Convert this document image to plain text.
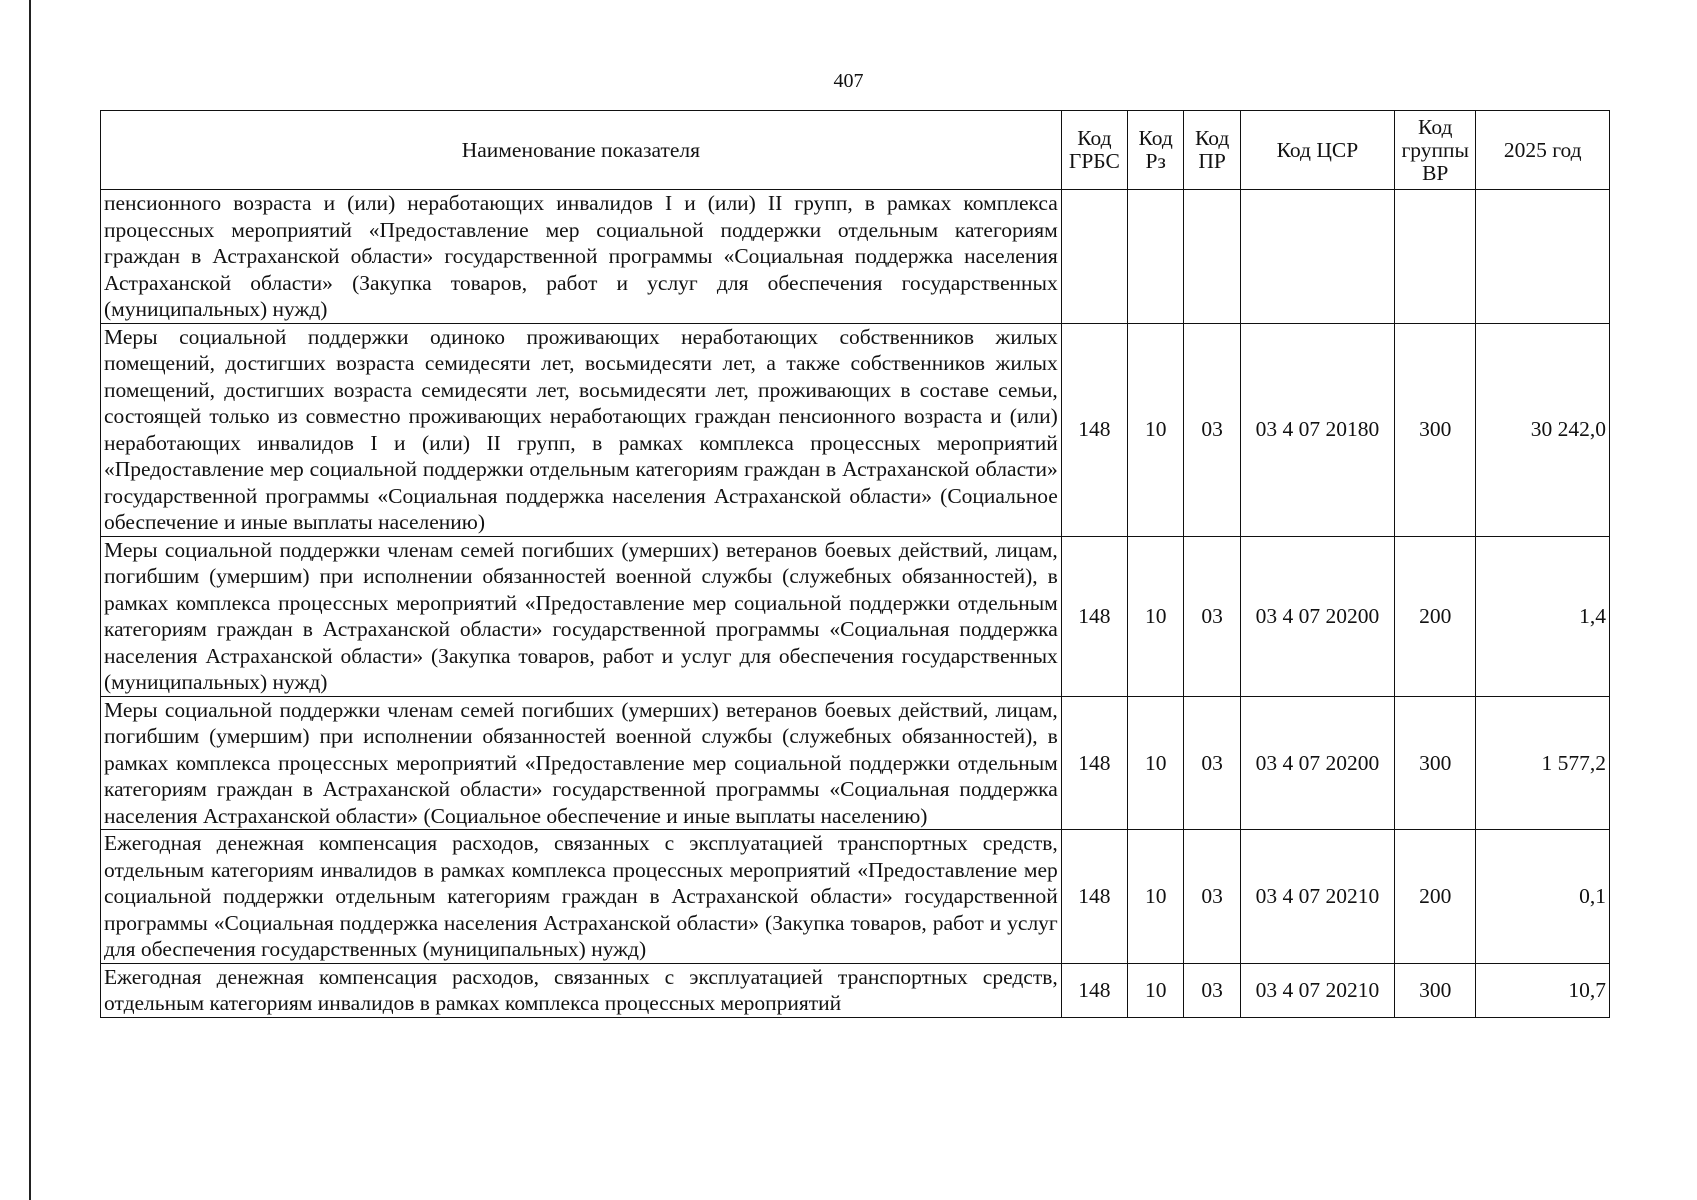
407
Наименование показателя	Код ГРБС	Код Рз	Код ПР	Код ЦСР	Код группы ВР	2025 год
пенсионного возраста и (или) неработающих инвалидов I и (или) II групп, в рамках комплекса процессных мероприятий «Предоставление мер социальной поддержки отдельным категориям граждан в Астраханской области» государственной программы «Социальная поддержка населения Астраханской области» (Закупка товаров, работ и услуг для обеспечения государственных (муниципальных) нужд)						
Меры социальной поддержки одиноко проживающих неработающих собственников жилых помещений, достигших возраста семидесяти лет, восьмидесяти лет, а также собственников жилых помещений, достигших возраста семидесяти лет, восьмидесяти лет, проживающих в составе семьи, состоящей только из совместно проживающих неработающих граждан пенсионного возраста и (или) неработающих инвалидов I и (или) II групп, в рамках комплекса процессных мероприятий «Предоставление мер социальной поддержки отдельным категориям граждан в Астраханской области» государственной программы «Социальная поддержка населения Астраханской области» (Социальное обеспечение и иные выплаты населению)	148	10	03	03 4 07 20180	300	30 242,0
Меры социальной поддержки членам семей погибших (умерших) ветеранов боевых действий, лицам, погибшим (умершим) при исполнении обязанностей военной службы (служебных обязанностей), в рамках комплекса процессных мероприятий «Предоставление мер социальной поддержки отдельным категориям граждан в Астраханской области» государственной программы «Социальная поддержка населения Астраханской области» (Закупка товаров, работ и услуг для обеспечения государственных (муниципальных) нужд)	148	10	03	03 4 07 20200	200	1,4
Меры социальной поддержки членам семей погибших (умерших) ветеранов боевых действий, лицам, погибшим (умершим) при исполнении обязанностей военной службы (служебных обязанностей), в рамках комплекса процессных мероприятий «Предоставление мер социальной поддержки отдельным категориям граждан в Астраханской области» государственной программы «Социальная поддержка населения Астраханской области» (Социальное обеспечение и иные выплаты населению)	148	10	03	03 4 07 20200	300	1 577,2
Ежегодная денежная компенсация расходов, связанных с эксплуатацией транспортных средств, отдельным категориям инвалидов в рамках комплекса процессных мероприятий «Предоставление мер социальной поддержки отдельным категориям граждан в Астраханской области» государственной программы «Социальная поддержка населения Астраханской области» (Закупка товаров, работ и услуг для обеспечения государственных (муниципальных) нужд)	148	10	03	03 4 07 20210	200	0,1
Ежегодная денежная компенсация расходов, связанных с эксплуатацией транспортных средств, отдельным категориям инвалидов в рамках комплекса процессных мероприятий	148	10	03	03 4 07 20210	300	10,7
